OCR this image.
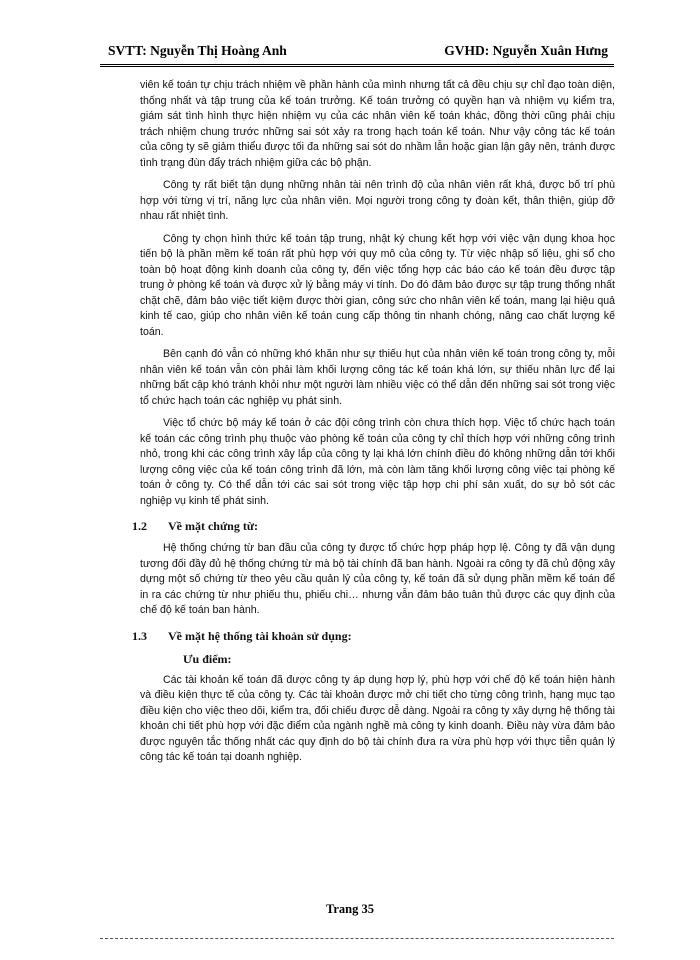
SVTT: Nguyễn Thị Hoàng Anh	GVHD: Nguyễn Xuân Hưng

viên kế toán tự chịu trách nhiệm về phần hành của mình nhưng tất cả đều chịu sự chỉ đạo toàn diện, thống nhất và tập trung của kế toán trưởng. Kế toán trưởng có quyền hạn và nhiệm vụ kiểm tra, giám sát tình hình thực hiện nhiệm vụ của các nhân viên kế toán khác, đồng thời cũng phải chịu trách nhiệm chung trước những sai sót xảy ra trong hạch toán kế toán. Như vậy công tác kế toán của công ty sẽ giảm thiểu được tối đa những sai sót do nhầm lẫn hoặc gian lận gây nên, tránh được tình trạng đùn đẩy trách nhiệm giữa các bộ phận.

Công ty rất biết tận dụng những nhân tài nên trình độ của nhân viên rất khá, được bố trí phù hợp với từng vị trí, năng lực của nhân viên. Mọi người trong công ty đoàn kết, thân thiện, giúp đỡ nhau rất nhiệt tình.

Công ty chọn hình thức kế toán tập trung, nhật ký chung kết hợp với việc vận dụng khoa học tiến bộ là phần mềm kế toán rất phù hợp với quy mô của công ty. Từ việc nhập số liệu, ghi sổ cho toàn bộ hoạt động kinh doanh của công ty, đến việc tổng hợp các báo cáo kế toán đều được tập trung ở phòng kế toán và được xử lý bằng máy vi tính. Do đó đảm bảo được sự tập trung thống nhất chặt chẽ, đảm bảo việc tiết kiệm được thời gian, công sức cho nhân viên kế toán, mang lại hiệu quả kinh tế cao, giúp cho nhân viên kế toán cung cấp thông tin nhanh chóng, nâng cao chất lượng kế toán.

Bên cạnh đó vẫn có những khó khăn như sự thiếu hụt của nhân viên kế toán trong công ty, mỗi nhân viên kế toán vẫn còn phải làm khối lượng công tác kế toán khá lớn, sự thiếu nhân lực để lại những bất cập khó tránh khỏi như một người làm nhiều việc có thể dẫn đến những sai sót trong việc tổ chức hạch toán các nghiệp vụ phát sinh.

Việc tổ chức bộ máy kế toán ở các đội công trình còn chưa thích hợp. Việc tổ chức hạch toán kế toán các công trình phụ thuộc vào phòng kế toán của công ty chỉ thích hợp với những công trình nhỏ, trong khi các công trình xây lắp của công ty lại khá lớn chính điều đó không những dẫn tới khối lượng công việc của kế toán công trình đã lớn, mà còn làm tăng khối lượng công việc tại phòng kế toán ở công ty. Có thể dẫn tới các sai sót trong việc tập hợp chi phí sản xuất, do sự bỏ sót các nghiệp vụ kinh tế phát sinh.

1.2 Về mặt chứng từ:

Hệ thống chứng từ ban đầu của công ty được tổ chức hợp pháp hợp lệ. Công ty đã vận dụng tương đối đầy đủ hệ thống chứng từ mà bộ tài chính đã ban hành. Ngoài ra công ty đã chủ động xây dựng một số chứng từ theo yêu cầu quản lý của công ty, kế toán đã sử dụng phần mềm kế toán để in ra các chứng từ như phiếu thu, phiếu chi… nhưng vẫn đảm bảo tuân thủ được các quy định của chế độ kế toán ban hành.

1.3 Về mặt hệ thống tài khoản sử dụng:
Ưu điểm:

Các tài khoản kế toán đã được công ty áp dụng hợp lý, phù hợp với chế độ kế toán hiện hành và điều kiện thực tế của công ty. Các tài khoản được mở chi tiết cho từng công trình, hạng mục tạo điều kiện cho việc theo dõi, kiểm tra, đối chiếu được dễ dàng. Ngoài ra công ty xây dựng hệ thống tài khoản chi tiết phù hợp với đặc điểm của ngành nghề mà công ty kinh doanh. Điều này vừa đảm bảo được nguyên tắc thống nhất các quy định do bộ tài chính đưa ra vừa phù hợp với thực tiễn quản lý công tác kế toán tại doanh nghiệp.

Trang 35
